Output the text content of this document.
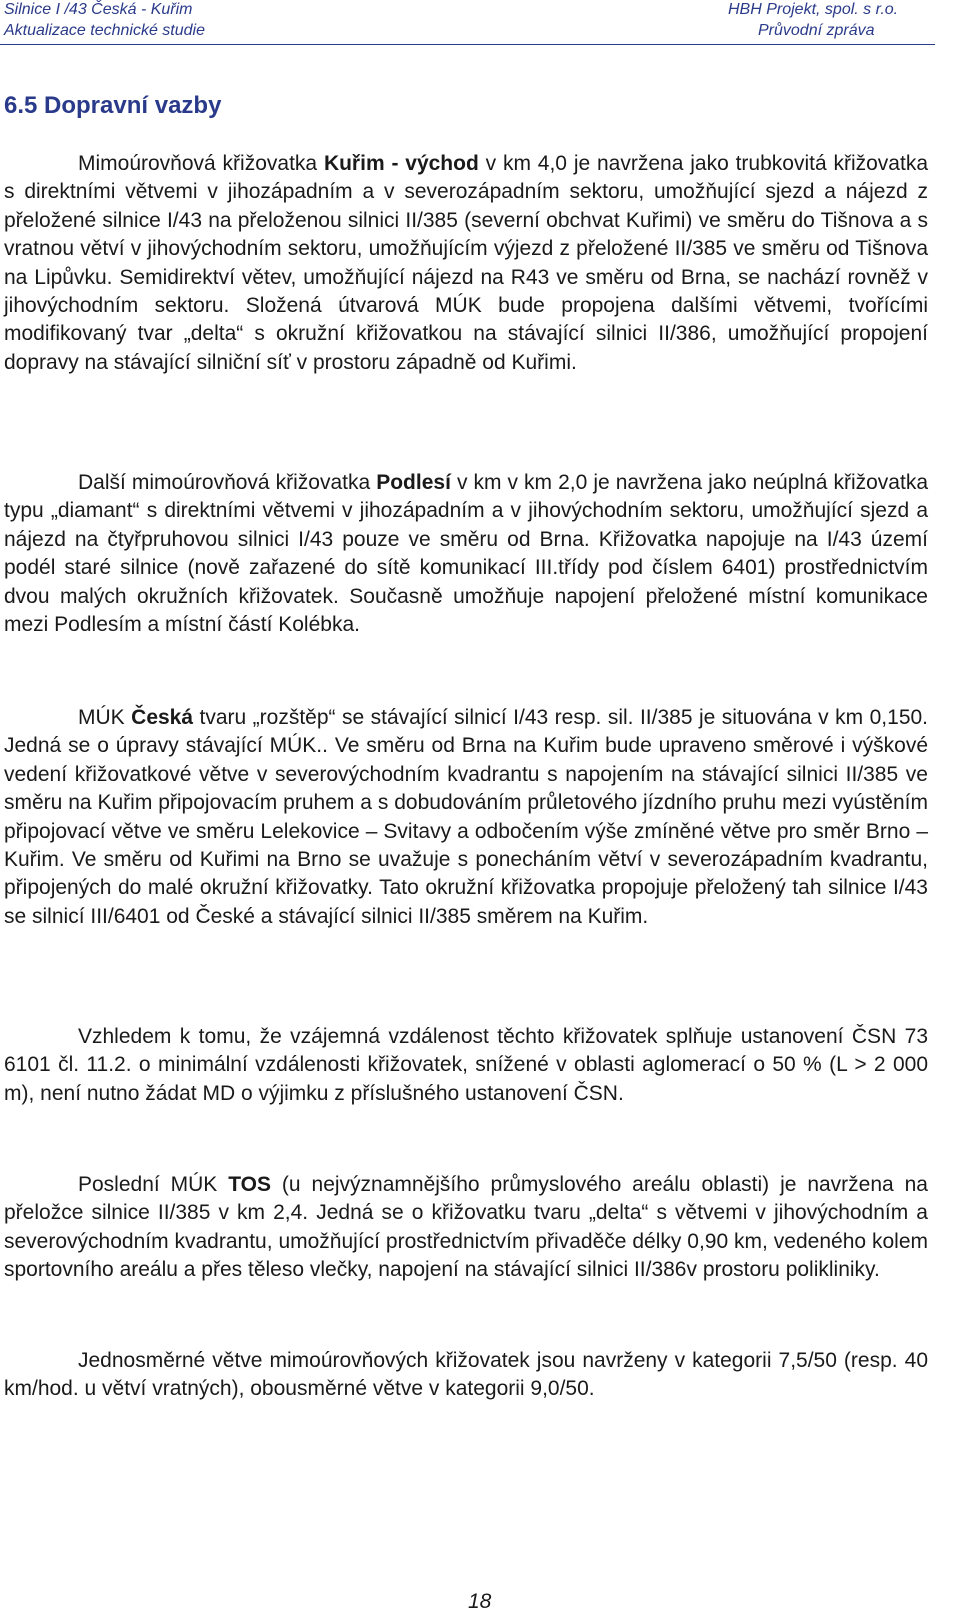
Silnice I /43 Česká - Kuřim
Aktualizace technické studie
HBH Projekt, spol. s r.o.
Průvodní zpráva
6.5 Dopravní vazby

Mimoúrovňová křižovatka Kuřim - východ v km 4,0 je navržena jako trubkovitá křižovatka s direktními větvemi v jihozápadním a v severozápadním sektoru, umožňující sjezd a nájezd z přeložené silnice I/43 na přeloženou silnici II/385 (severní obchvat Kuřimi) ve směru do Tišnova a s vratnou větví v jihovýchodním sektoru, umožňujícím výjezd z přeložené II/385 ve směru od Tišnova na Lipůvku. Semidirektví větev, umožňující nájezd na R43 ve směru od Brna, se nachází rovněž v jihovýchodním sektoru. Složená útvarová MÚK bude propojena dalšími větvemi, tvořícími modifikovaný tvar „delta“ s okružní křižovatkou na stávající silnici II/386, umožňující propojení dopravy na stávající silniční síť v prostoru západně od Kuřimi.

Další mimoúrovňová křižovatka Podlesí v km v km 2,0 je navržena jako neúplná křižovatka typu „diamant“ s direktními větvemi v jihozápadním a v jihovýchodním sektoru, umožňující sjezd a nájezd na čtyřpruhovou silnici I/43 pouze ve směru od Brna. Křižovatka napojuje na I/43 území podél staré silnice (nově zařazené do sítě komunikací III.třídy pod číslem 6401) prostřednictvím dvou malých okružních křižovatek. Současně umožňuje napojení přeložené místní komunikace mezi Podlesím a místní částí Kolébka.

MÚK Česká tvaru „rozštěp“ se stávající silnicí I/43 resp. sil. II/385 je situována v km 0,150. Jedná se o úpravy stávající MÚK.. Ve směru od Brna na Kuřim bude upraveno směrové i výškové vedení křižovatkové větve v severovýchodním kvadrantu s napojením na stávající silnici II/385 ve směru na Kuřim připojovacím pruhem a s dobudováním průletového jízdního pruhu mezi vyústěním připojovací větve ve směru Lelekovice – Svitavy a odbočením výše zmíněné větve pro směr Brno – Kuřim. Ve směru od Kuřimi na Brno se uvažuje s ponecháním větví v severozápadním kvadrantu, připojených do malé okružní křižovatky. Tato okružní křižovatka propojuje přeložený tah silnice I/43 se silnicí III/6401 od České a stávající silnici II/385 směrem na Kuřim.

Vzhledem k tomu, že vzájemná vzdálenost těchto křižovatek splňuje ustanovení ČSN 73 6101 čl. 11.2. o minimální vzdálenosti křižovatek, snížené v oblasti aglomerací o 50 % (L > 2 000 m), není nutno žádat MD o výjimku z příslušného ustanovení ČSN.

Poslední MÚK TOS (u nejvýznamnějšího průmyslového areálu oblasti) je navržena na přeložce silnice II/385 v km 2,4. Jedná se o křižovatku tvaru „delta“ s větvemi v jihovýchodním a severovýchodním kvadrantu, umožňující prostřednictvím přivaděče délky 0,90 km, vedeného kolem sportovního areálu a přes těleso vlečky, napojení na stávající silnici II/386v prostoru polikliniky.

Jednosměrné větve mimoúrovňových křižovatek jsou navrženy v kategorii 7,5/50 (resp. 40 km/hod. u větví vratných), obousměrné větve v kategorii 9,0/50.

18
